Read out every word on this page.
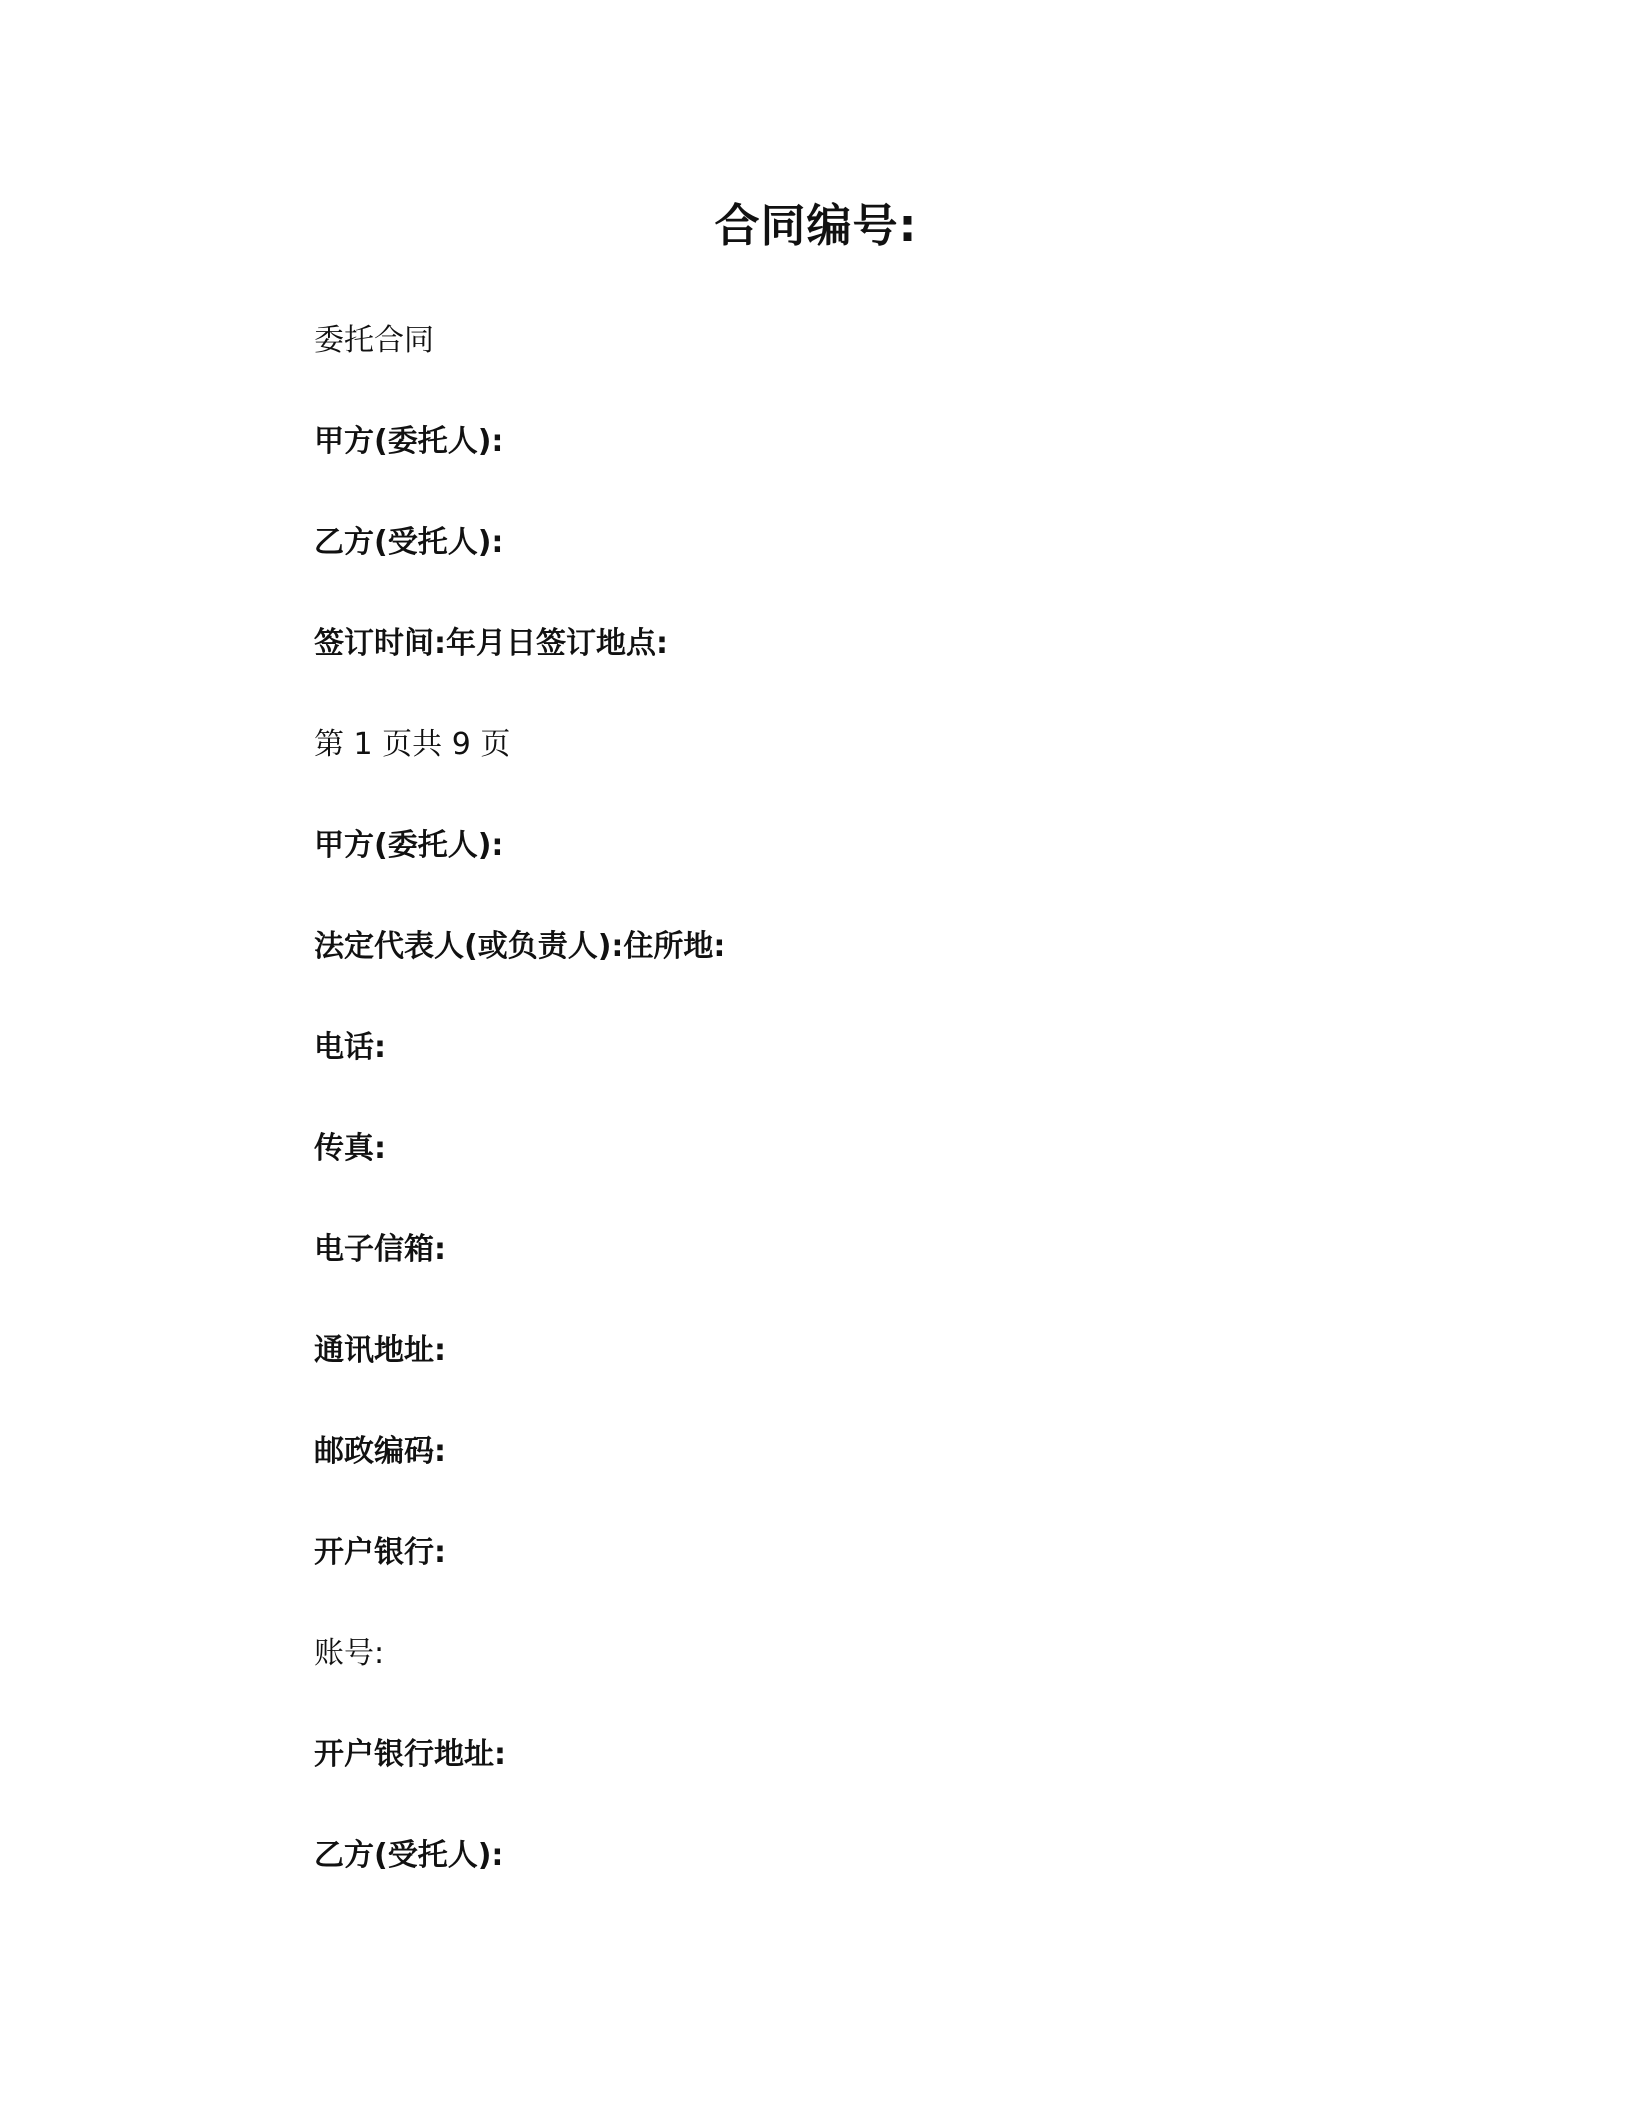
合同编号:
委托合同
甲方(委托人):
乙方(受托人):
签订时间:年月日签订地点:
第 1 页共 9 页
甲方(委托人):
法定代表人(或负责人):住所地:
电话:
传真:
电子信箱:
通讯地址:
邮政编码:
开户银行:
账号:
开户银行地址:
乙方(受托人):
